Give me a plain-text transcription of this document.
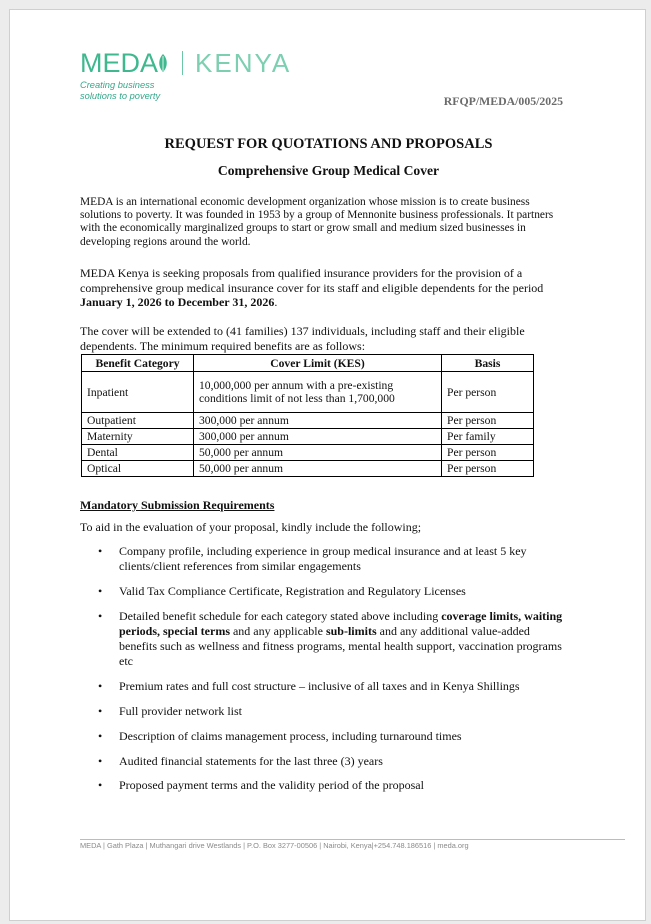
MEDA KENYA
Creating business
solutions to poverty	RFQP/MEDA/005/2025
REQUEST FOR QUOTATIONS AND PROPOSALS
Comprehensive Group Medical Cover

MEDA is an international economic development organization whose mission is to create business solutions to poverty. It was founded in 1953 by a group of Mennonite business professionals. It partners with the economically marginalized groups to start or grow small and medium sized businesses in developing regions around the world.

MEDA Kenya is seeking proposals from qualified insurance providers for the provision of a comprehensive group medical insurance cover for its staff and eligible dependents for the period January 1, 2026 to December 31, 2026.

The cover will be extended to (41 families) 137 individuals, including staff and their eligible dependents. The minimum required benefits are as follows:

Benefit Category	Cover Limit (KES)	Basis
Inpatient	10,000,000 per annum with a pre-existing conditions limit of not less than 1,700,000	Per person
Outpatient	300,000 per annum	Per person
Maternity	300,000 per annum	Per family
Dental	50,000 per annum	Per person
Optical	50,000 per annum	Per person
Mandatory Submission Requirements
To aid in the evaluation of your proposal, kindly include the following;
• Company profile, including experience in group medical insurance and at least 5 key clients/client references from similar engagements
• Valid Tax Compliance Certificate, Registration and Regulatory Licenses
• Detailed benefit schedule for each category stated above including coverage limits, waiting periods, special terms and any applicable sub-limits and any additional value-added benefits such as wellness and fitness programs, mental health support, vaccination programs etc
• Premium rates and full cost structure – inclusive of all taxes and in Kenya Shillings
• Full provider network list
• Description of claims management process, including turnaround times
• Audited financial statements for the last three (3) years
• Proposed payment terms and the validity period of the proposal
MEDA | Gath Plaza | Muthangari drive Westlands | P.O. Box 3277-00506 | Nairobi, Kenya|+254.748.186516 | meda.org
